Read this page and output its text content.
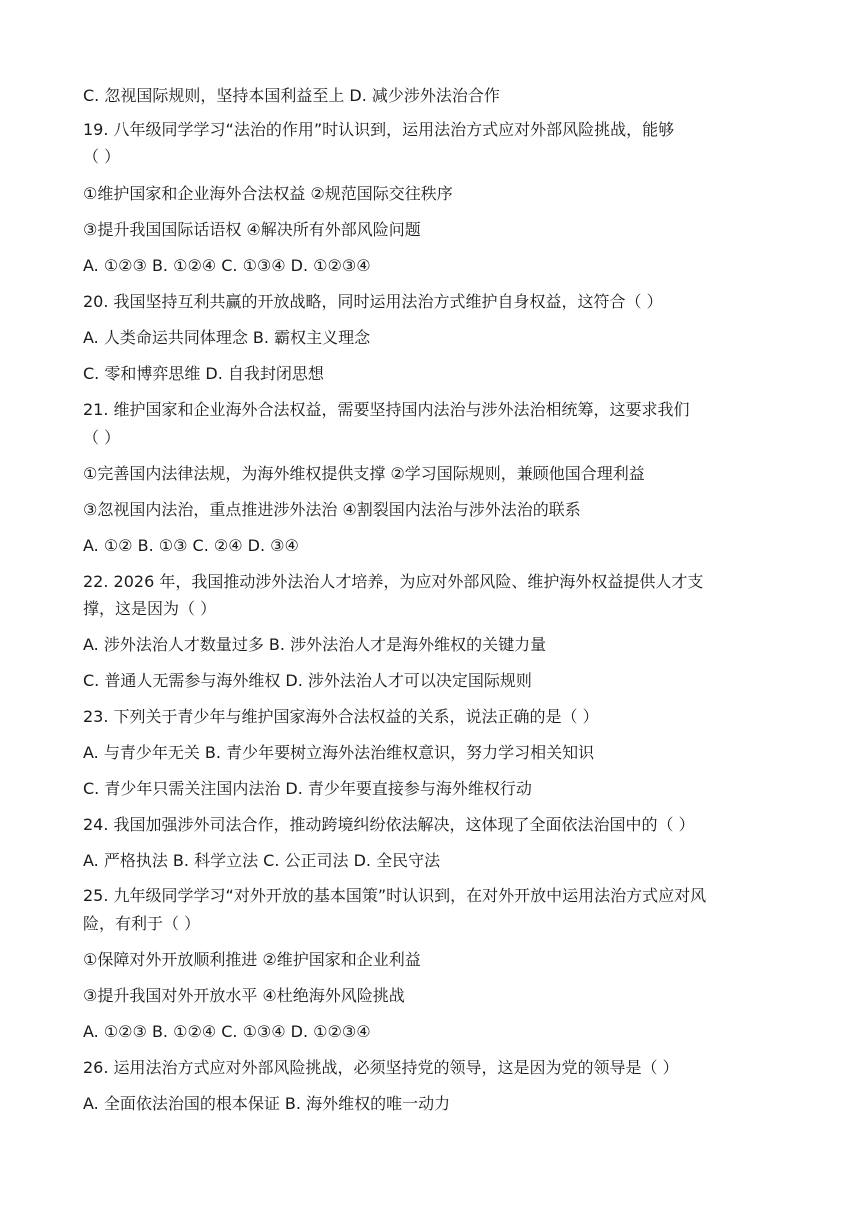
C. 忽视国际规则，坚持本国利益至上 D. 减少涉外法治合作
19. 八年级同学学习“法治的作用”时认识到，运用法治方式应对外部风险挑战，能够
（ ）
①维护国家和企业海外合法权益 ②规范国际交往秩序
③提升我国国际话语权 ④解决所有外部风险问题
A. ①②③ B. ①②④ C. ①③④ D. ①②③④
20. 我国坚持互利共赢的开放战略，同时运用法治方式维护自身权益，这符合（ ）
A. 人类命运共同体理念 B. 霸权主义理念
C. 零和博弈思维 D. 自我封闭思想
21. 维护国家和企业海外合法权益，需要坚持国内法治与涉外法治相统筹，这要求我们
（ ）
①完善国内法律法规，为海外维权提供支撑 ②学习国际规则，兼顾他国合理利益
③忽视国内法治，重点推进涉外法治 ④割裂国内法治与涉外法治的联系
A. ①② B. ①③ C. ②④ D. ③④
22. 2026 年，我国推动涉外法治人才培养，为应对外部风险、维护海外权益提供人才支
撑，这是因为（ ）
A. 涉外法治人才数量过多 B. 涉外法治人才是海外维权的关键力量
C. 普通人无需参与海外维权 D. 涉外法治人才可以决定国际规则
23. 下列关于青少年与维护国家海外合法权益的关系，说法正确的是（ ）
A. 与青少年无关 B. 青少年要树立海外法治维权意识，努力学习相关知识
C. 青少年只需关注国内法治 D. 青少年要直接参与海外维权行动
24. 我国加强涉外司法合作，推动跨境纠纷依法解决，这体现了全面依法治国中的（ ）
A. 严格执法 B. 科学立法 C. 公正司法 D. 全民守法
25. 九年级同学学习“对外开放的基本国策”时认识到，在对外开放中运用法治方式应对风
险，有利于（ ）
①保障对外开放顺利推进 ②维护国家和企业利益
③提升我国对外开放水平 ④杜绝海外风险挑战
A. ①②③ B. ①②④ C. ①③④ D. ①②③④
26. 运用法治方式应对外部风险挑战，必须坚持党的领导，这是因为党的领导是（ ）
A. 全面依法治国的根本保证 B. 海外维权的唯一动力
